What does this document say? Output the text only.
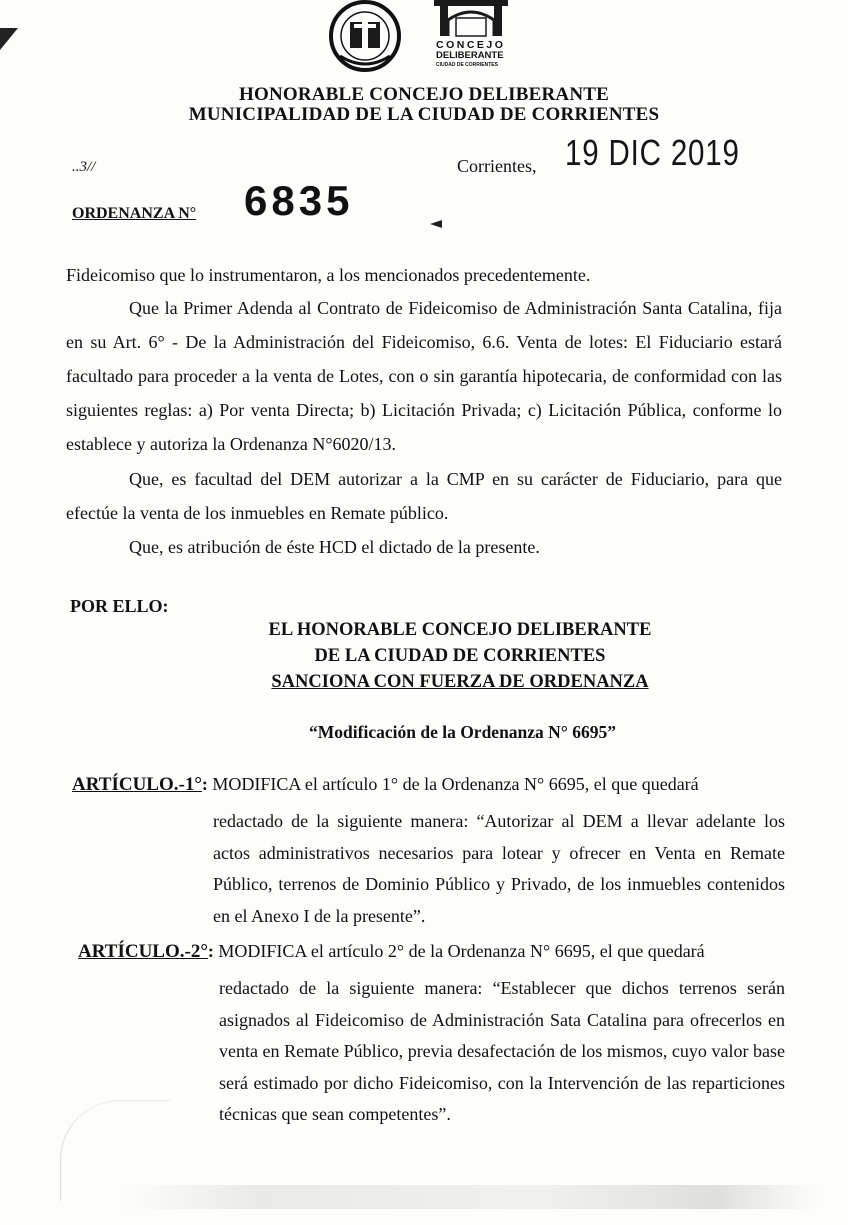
CONCEJO
DELIBERANTE
CIUDAD DE CORRIENTES
HONORABLE CONCEJO DELIBERANTE
MUNICIPALIDAD DE LA CIUDAD DE CORRIENTES
..3//	Corrientes, 19 DIC 2019
ORDENANZA N° 6835
Fideicomiso que lo instrumentaron, a los mencionados precedentemente.
Que la Primer Adenda al Contrato de Fideicomiso de Administración Santa Catalina, fija en su Art. 6° - De la Administración del Fideicomiso, 6.6. Venta de lotes: El Fiduciario estará facultado para proceder a la venta de Lotes, con o sin garantía hipotecaria, de conformidad con las siguientes reglas: a) Por venta Directa; b) Licitación Privada; c) Licitación Pública, conforme lo establece y autoriza la Ordenanza N°6020/13.
Que, es facultad del DEM autorizar a la CMP en su carácter de Fiduciario, para que efectúe la venta de los inmuebles en Remate público.
Que, es atribución de éste HCD el dictado de la presente.
POR ELLO:
EL HONORABLE CONCEJO DELIBERANTE
DE LA CIUDAD DE CORRIENTES
SANCIONA CON FUERZA DE ORDENANZA
“Modificación de la Ordenanza N° 6695”
ARTÍCULO.-1°: MODIFICA el artículo 1° de la Ordenanza N° 6695, el que quedará
redactado de la siguiente manera: “Autorizar al DEM a llevar adelante los actos administrativos necesarios para lotear y ofrecer en Venta en Remate Público, terrenos de Dominio Público y Privado, de los inmuebles contenidos en el Anexo I de la presente”.
ARTÍCULO.-2°: MODIFICA el artículo 2° de la Ordenanza N° 6695, el que quedará
redactado de la siguiente manera: “Establecer que dichos terrenos serán asignados al Fideicomiso de Administración Sata Catalina para ofrecerlos en venta en Remate Público, previa desafectación de los mismos, cuyo valor base será estimado por dicho Fideicomiso, con la Intervención de las reparticiones técnicas que sean competentes”.
